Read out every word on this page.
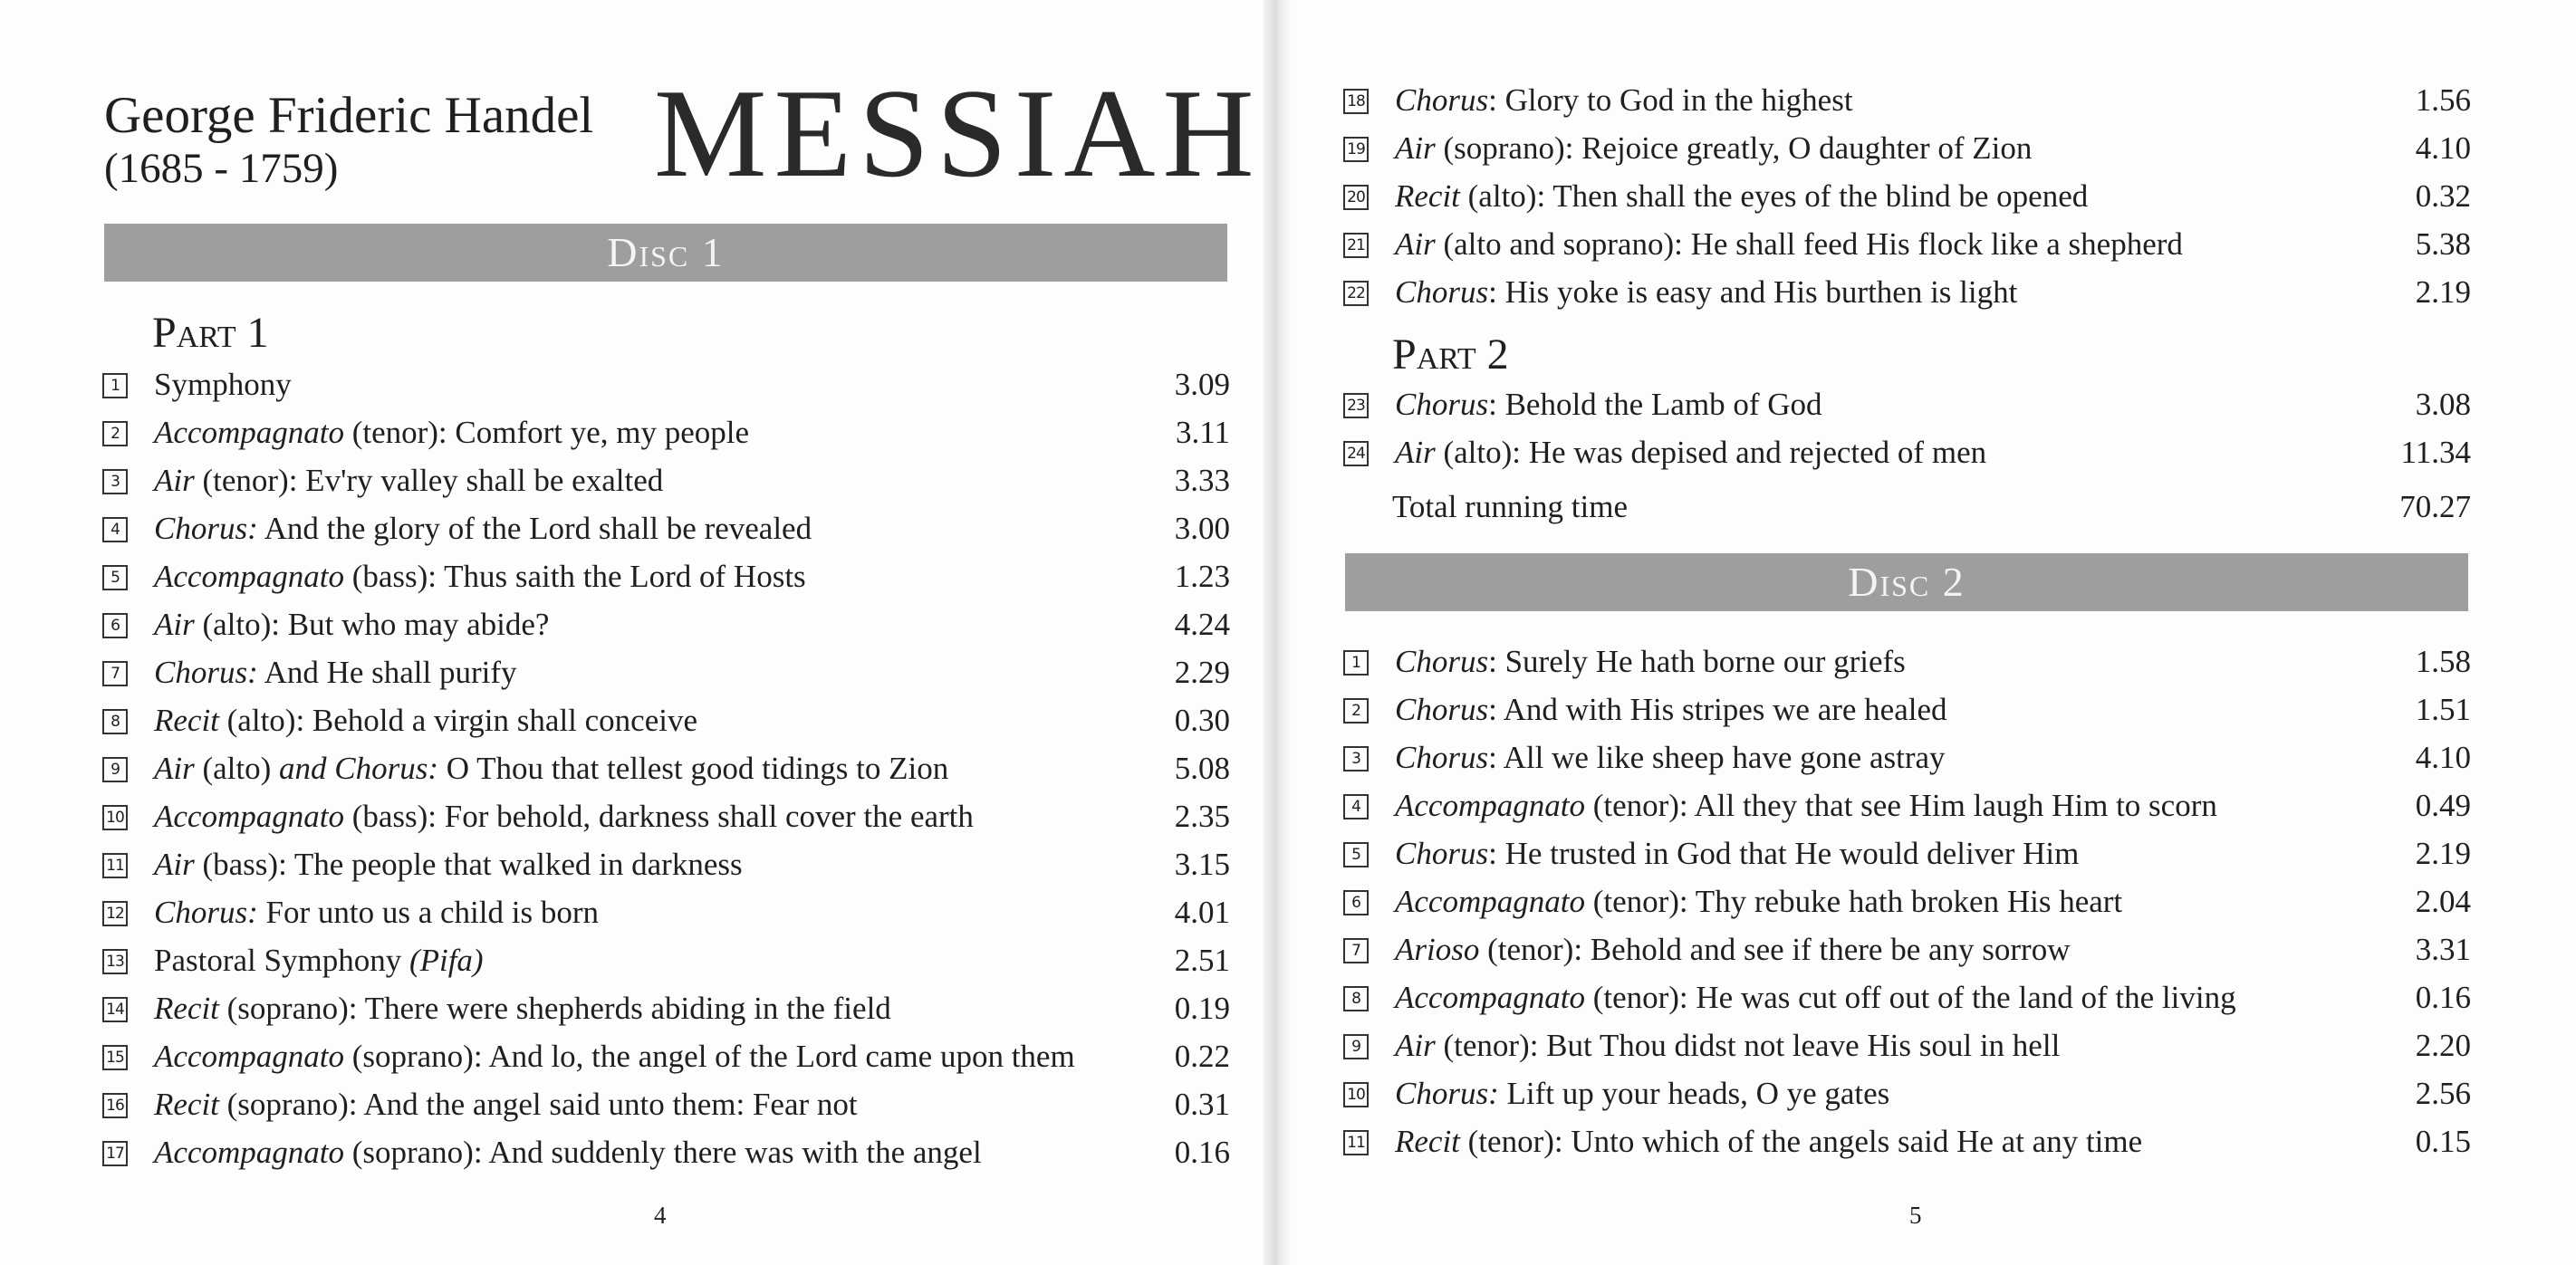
George Frideric Handel
(1685 - 1759) MESSIAH
Disc 1
Part 1
1 Symphony	3.09
2 Accompagnato (tenor): Comfort ye, my people	3.11
3 Air (tenor): Ev'ry valley shall be exalted	3.33
4 Chorus: And the glory of the Lord shall be revealed	3.00
5 Accompagnato (bass): Thus saith the Lord of Hosts	1.23
6 Air (alto): But who may abide?	4.24
7 Chorus: And He shall purify	2.29
8 Recit (alto): Behold a virgin shall conceive	0.30
9 Air (alto) and Chorus: O Thou that tellest good tidings to Zion	5.08
10 Accompagnato (bass): For behold, darkness shall cover the earth	2.35
11 Air (bass): The people that walked in darkness	3.15
12 Chorus: For unto us a child is born	4.01
13 Pastoral Symphony (Pifa)	2.51
14 Recit (soprano): There were shepherds abiding in the field	0.19
15 Accompagnato (soprano): And lo, the angel of the Lord came upon them	0.22
16 Recit (soprano): And the angel said unto them: Fear not	0.31
17 Accompagnato (soprano): And suddenly there was with the angel	0.16
18 Chorus: Glory to God in the highest	1.56
19 Air (soprano): Rejoice greatly, O daughter of Zion	4.10
20 Recit (alto): Then shall the eyes of the blind be opened	0.32
21 Air (alto and soprano): He shall feed His flock like a shepherd	5.38
22 Chorus: His yoke is easy and His burthen is light	2.19
Part 2
23 Chorus: Behold the Lamb of God	3.08
24 Air (alto): He was depised and rejected of men	11.34
Total running time	70.27
Disc 2
1 Chorus: Surely He hath borne our griefs	1.58
2 Chorus: And with His stripes we are healed	1.51
3 Chorus: All we like sheep have gone astray	4.10
4 Accompagnato (tenor): All they that see Him laugh Him to scorn	0.49
5 Chorus: He trusted in God that He would deliver Him	2.19
6 Accompagnato (tenor): Thy rebuke hath broken His heart	2.04
7 Arioso (tenor): Behold and see if there be any sorrow	3.31
8 Accompagnato (tenor): He was cut off out of the land of the living	0.16
9 Air (tenor): But Thou didst not leave His soul in hell	2.20
10 Chorus: Lift up your heads, O ye gates	2.56
11 Recit (tenor): Unto which of the angels said He at any time	0.15
4	5
